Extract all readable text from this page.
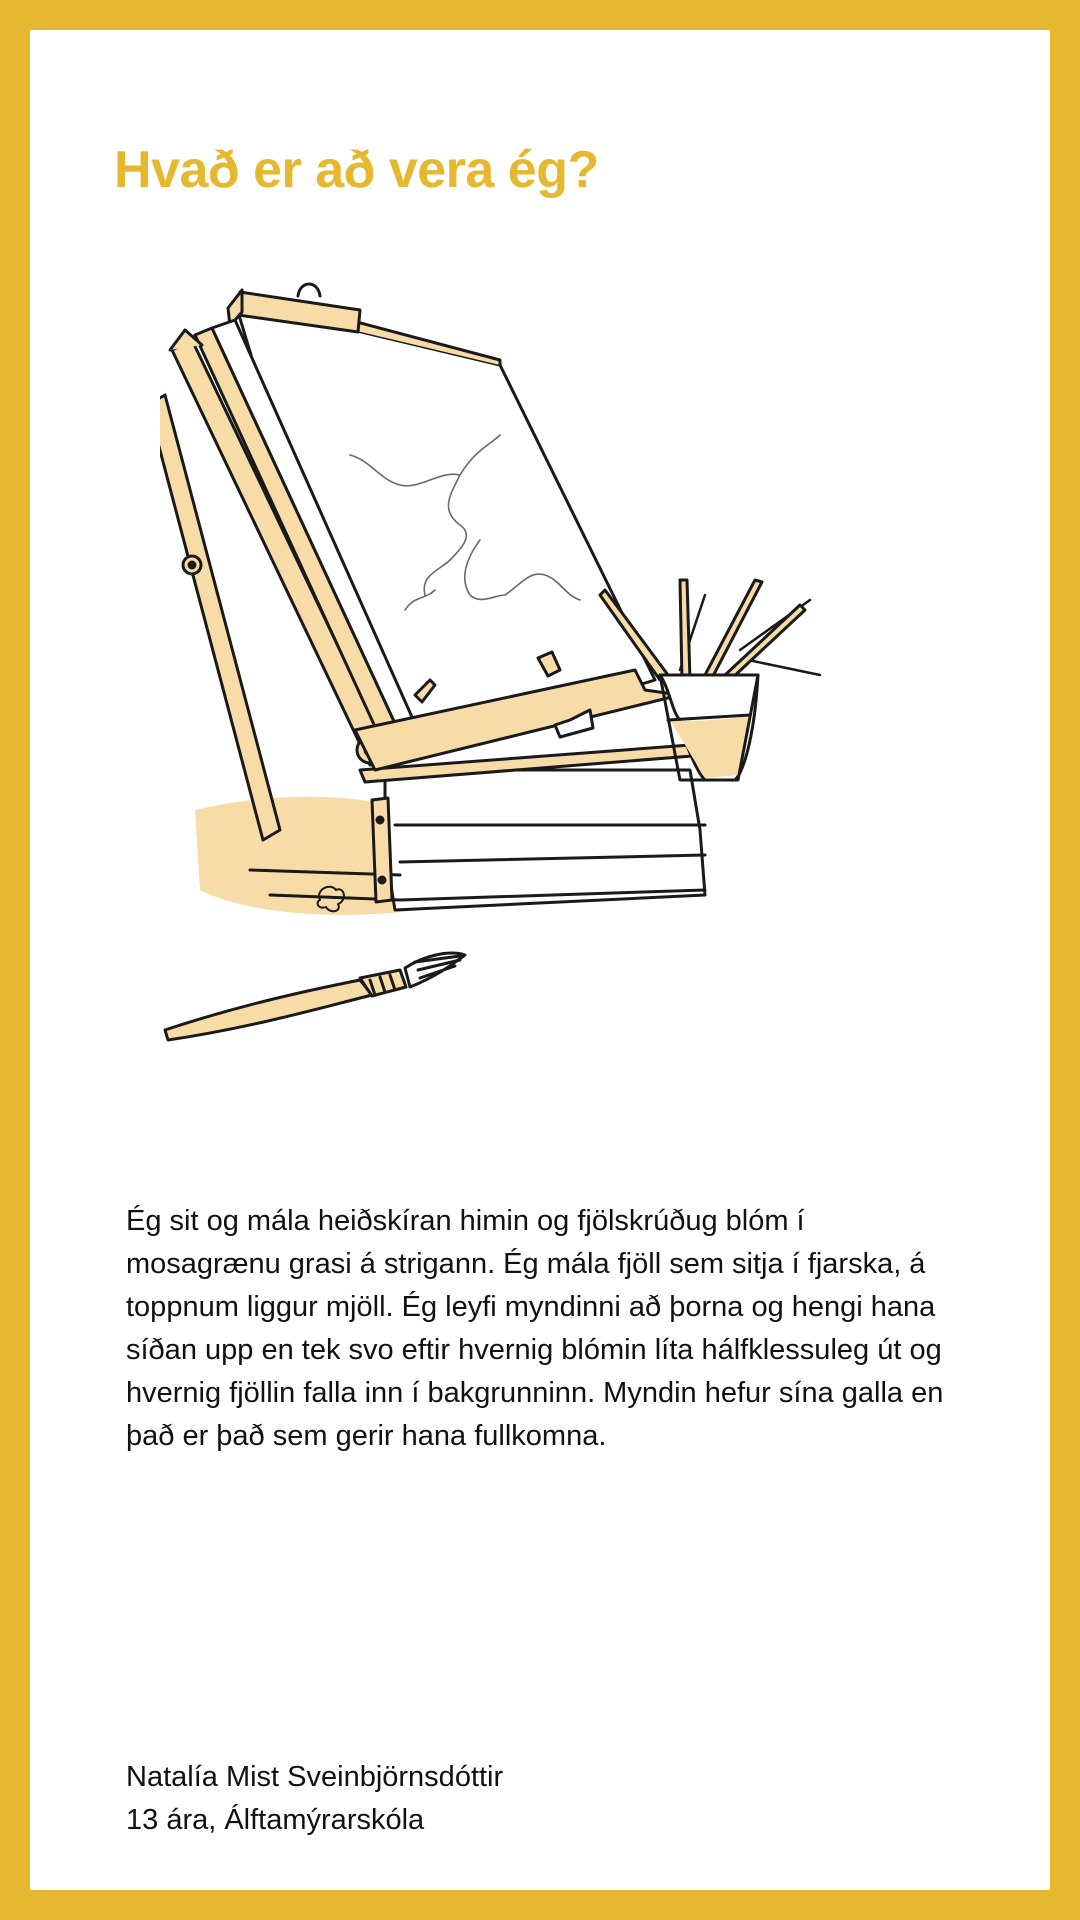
Hvað er að vera ég?

Ég sit og mála heiðskíran himin og fjölskrúðug blóm í mosagrænu grasi á strigann. Ég mála fjöll sem sitja í fjarska, á toppnum liggur mjöll. Ég leyfi myndinni að þorna og hengi hana síðan upp en tek svo eftir hvernig blómin líta hálfklessuleg út og hvernig fjöllin falla inn í bakgrunninn. Myndin hefur sína galla en það er það sem gerir hana fullkomna.

Natalía Mist Sveinbjörnsdóttir
13 ára, Álftamýrarskóla
